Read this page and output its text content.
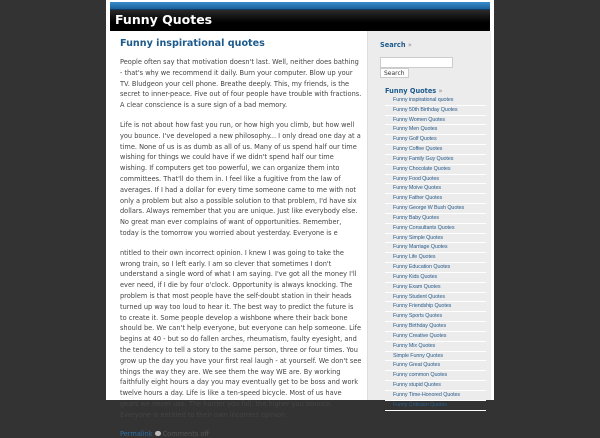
Funny Quotes
Funny inspirational quotes

People often say that motivation doesn't last. Well, neither does bathing - that's why we recommend it daily. Burn your computer. Blow up your TV. Bludgeon your cell phone. Breathe deeply. This, my friends, is the secret to inner-peace. Five out of four people have trouble with fractions. A clear conscience is a sure sign of a bad memory.

Life is not about how fast you run, or how high you climb, but how well you bounce. I've developed a new philosophy... I only dread one day at a time. None of us is as dumb as all of us. Many of us spend half our time wishing for things we could have if we didn't spend half our time wishing. If computers get too powerful, we can organize them into committees. That'll do them in. I feel like a fugitive from the law of averages. If I had a dollar for every time someone came to me with not only a problem but also a possible solution to that problem, I'd have six dollars. Always remember that you are unique. Just like everybody else. No great man ever complains of want of opportunities. Remember, today is the tomorrow you worried about yesterday. Everyone is e

ntitled to their own incorrect opinion. I knew I was going to take the wrong train, so I left early. I am so clever that sometimes I don't understand a single word of what I am saying. I've got all the money I'll ever need, if I die by four o'clock. Opportunity is always knocking. The problem is that most people have the self-doubt station in their heads turned up way too loud to hear it. The best way to predict the future is to create it. Some people develop a wishbone where their back bone should be. We can't help everyone, but everyone can help someone. Life begins at 40 - but so do fallen arches, rheumatism, faulty eyesight, and the tendency to tell a story to the same person, three or four times. You grow up the day you have your first real laugh - at yourself. We don't see things the way they are. We see them the way WE are. By working faithfully eight hours a day you may eventually get to be boss and work twelve hours a day. Life is like a ten-speed bicycle. Most of us have gears we never use. The harder you fall, the higher you bounce. Everyone is entitled to their own incorrect opinion.

Permalink Comments off
Search »
Search
Funny Quotes »
Funny inspirational quotes
Funny 50th Birthday Quotes
Funny Women Quotes
Funny Men Quotes
Funny Golf Quotes
Funny Coffee Quotes
Funny Family Guy Quotes
Funny Chocolate Quotes
Funny Food Quotes
Funny Moive Quotes
Funny Father Quotes
Funny George W Bush Quotes
Funny Baby Quotes
Funny Consultants Quotes
Funny Simple Quotes
Funny Marriage Quotes
Funny Life Quotes
Funny Education Quotes
Funny Kids Quotes
Funny Exam Quotes
Funny Student Quotes
Funny Friendship Quotes
Funny Sports Quotes
Funny Birthday Quotes
Funny Creative Quotes
Funny Mix Quotes
Simple Funny Quotes
Funny Great Quotes
Funny common Quotes
Funny stupid Quotes
Funny Time-Honored Quotes
Funny Criticism Quotes
